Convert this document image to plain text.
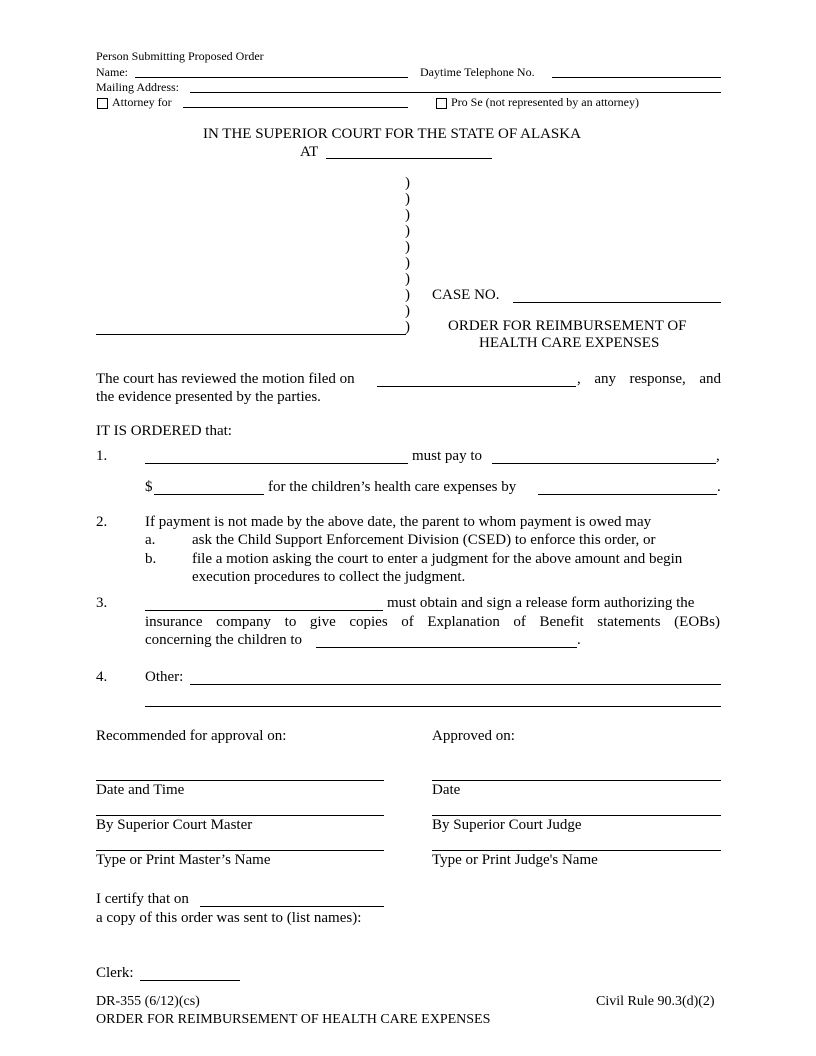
Person Submitting Proposed Order
Name:	Daytime Telephone No.
Mailing Address:
Attorney for	Pro Se (not represented by an attorney)
IN THE SUPERIOR COURT FOR THE STATE OF ALASKA
AT
)
)
)
)
)
)
)
)
)
)
CASE NO.
ORDER FOR REIMBURSEMENT OF
HEALTH CARE EXPENSES
The court has reviewed the motion filed on	, any response, and
the evidence presented by the parties.
IT IS ORDERED that:
1.	must pay to	,
$	for the children’s health care expenses by	.
2.	If payment is not made by the above date, the parent to whom payment is owed may
a. ask the Child Support Enforcement Division (CSED) to enforce this order, or
b. file a motion asking the court to enter a judgment for the above amount and begin
execution procedures to collect the judgment.
3.	must obtain and sign a release form authorizing the
insurance company to give copies of Explanation of Benefit statements (EOBs)
concerning the children to	.
4.	Other:
Recommended for approval on:	Approved on:
Date and Time	Date
By Superior Court Master	By Superior Court Judge
Type or Print Master’s Name	Type or Print Judge's Name
I certify that on
a copy of this order was sent to (list names):
Clerk:
DR-355 (6/12)(cs)	Civil Rule 90.3(d)(2)
ORDER FOR REIMBURSEMENT OF HEALTH CARE EXPENSES
